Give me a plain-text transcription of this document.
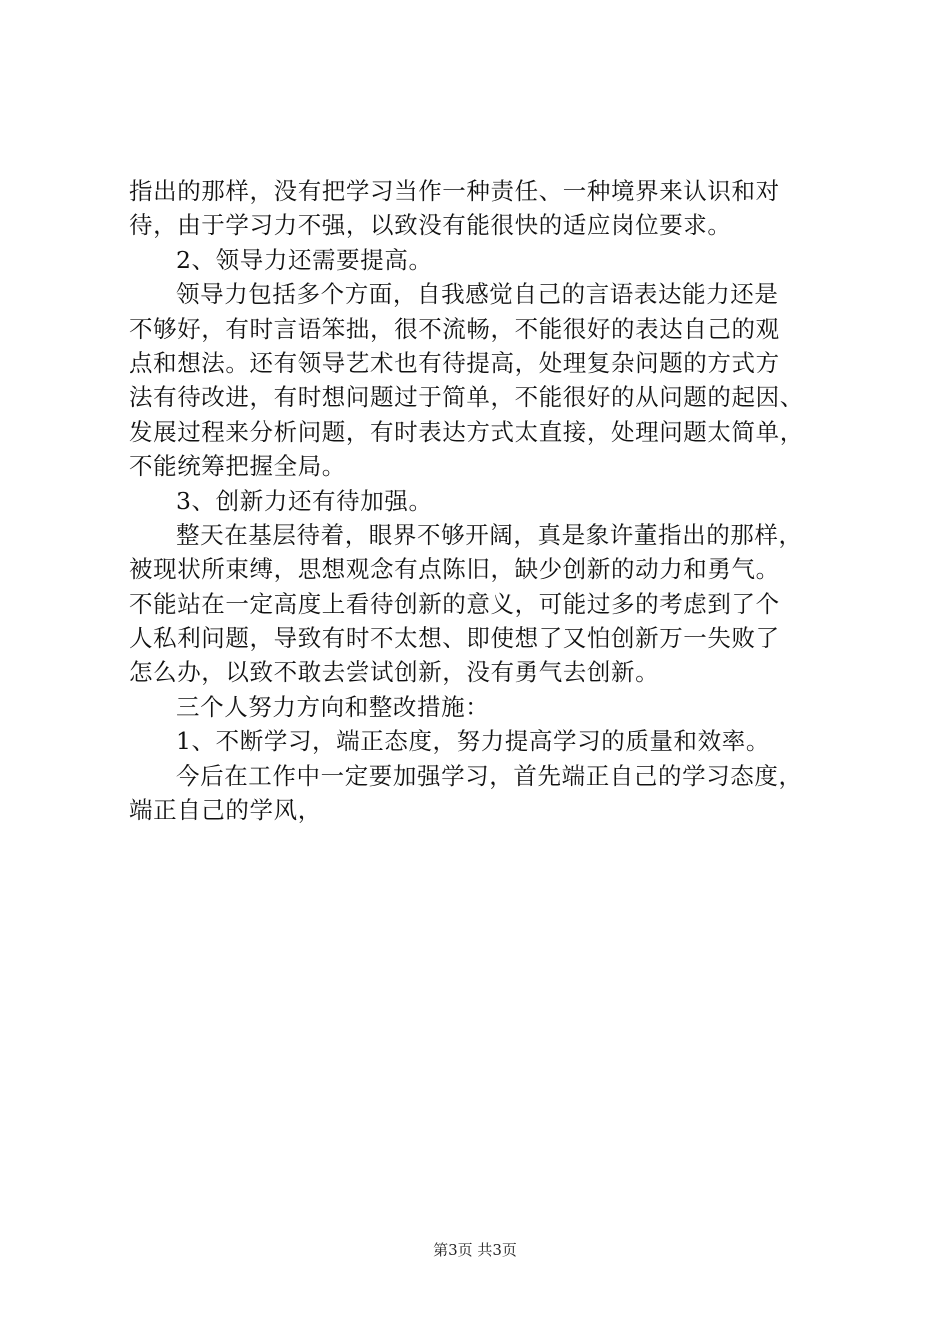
指出的那样，没有把学习当作一种责任、一种境界来认识和对
待，由于学习力不强，以致没有能很快的适应岗位要求。
2、领导力还需要提高。
领导力包括多个方面，自我感觉自己的言语表达能力还是
不够好，有时言语笨拙，很不流畅，不能很好的表达自己的观
点和想法。还有领导艺术也有待提高，处理复杂问题的方式方
法有待改进，有时想问题过于简单，不能很好的从问题的起因、
发展过程来分析问题，有时表达方式太直接，处理问题太简单，
不能统筹把握全局。
3、创新力还有待加强。
整天在基层待着，眼界不够开阔，真是象许董指出的那样，
被现状所束缚，思想观念有点陈旧，缺少创新的动力和勇气。
不能站在一定高度上看待创新的意义，可能过多的考虑到了个
人私利问题，导致有时不太想、即使想了又怕创新万一失败了
怎么办，以致不敢去尝试创新，没有勇气去创新。
三个人努力方向和整改措施：
1、不断学习，端正态度，努力提高学习的质量和效率。
今后在工作中一定要加强学习，首先端正自己的学习态度，
端正自己的学风，
第3页 共3页
